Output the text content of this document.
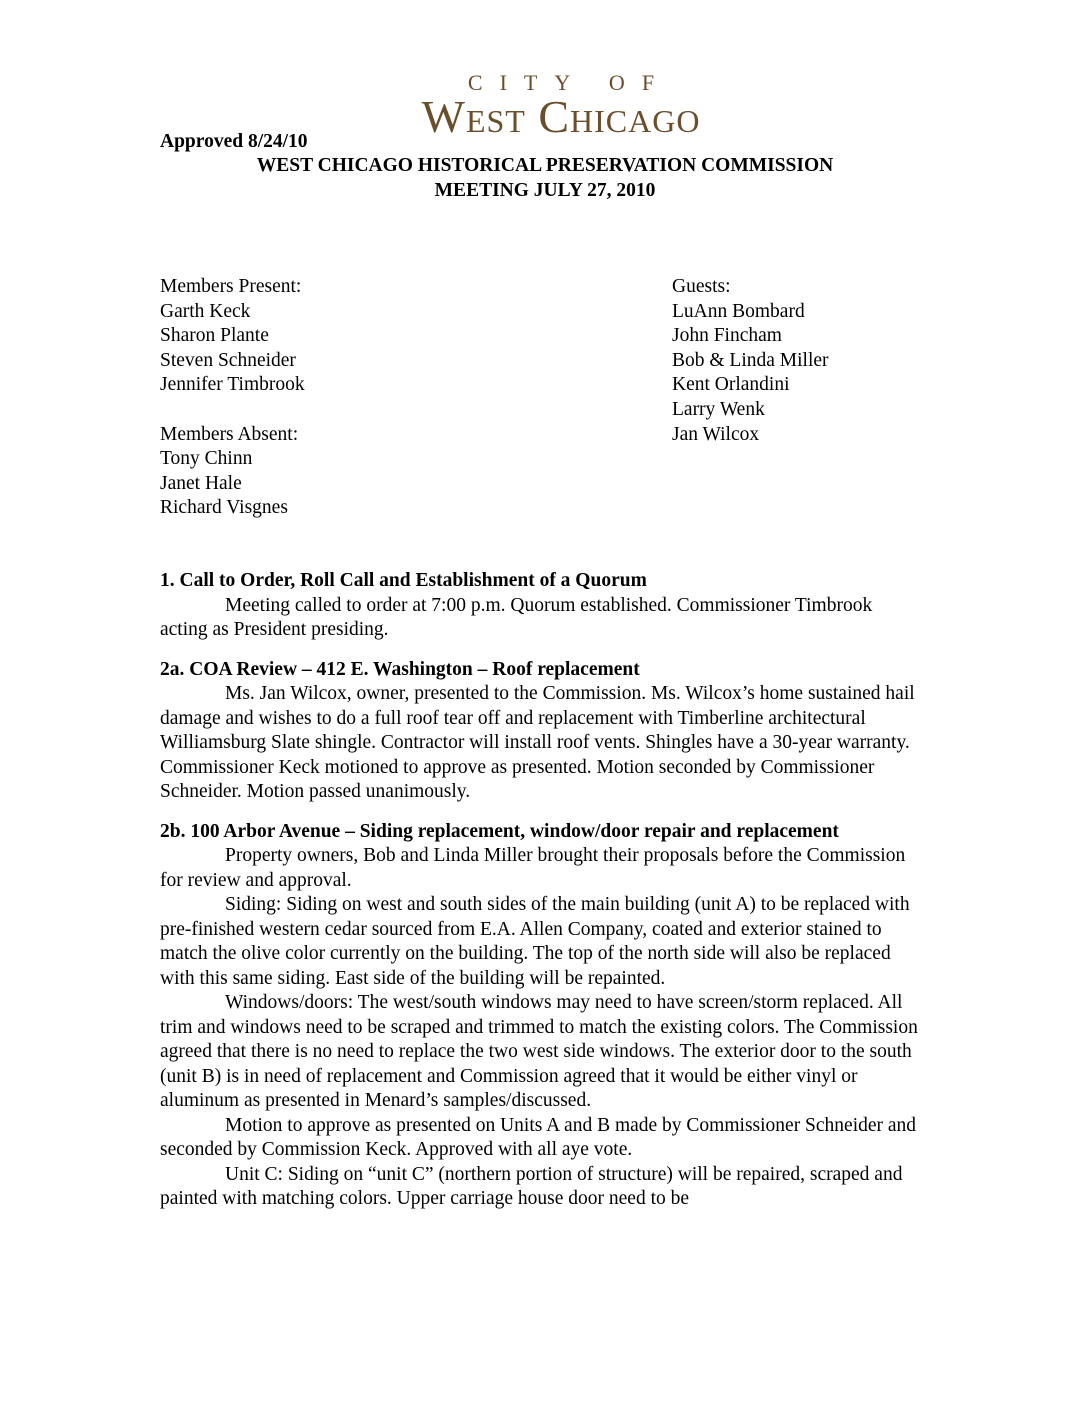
CITY OF
West Chicago
Approved 8/24/10
WEST CHICAGO HISTORICAL PRESERVATION COMMISSION
MEETING JULY 27, 2010
Members Present:
Garth Keck
Sharon Plante
Steven Schneider
Jennifer Timbrook
Members Absent:
Tony Chinn
Janet Hale
Richard Visgnes
Guests:
LuAnn Bombard
John Fincham
Bob & Linda Miller
Kent Orlandini
Larry Wenk
Jan Wilcox
1. Call to Order, Roll Call and Establishment of a Quorum

Meeting called to order at 7:00 p.m. Quorum established. Commissioner Timbrook acting as President presiding.

2a. COA Review – 412 E. Washington – Roof replacement

Ms. Jan Wilcox, owner, presented to the Commission. Ms. Wilcox’s home sustained hail damage and wishes to do a full roof tear off and replacement with Timberline architectural Williamsburg Slate shingle. Contractor will install roof vents. Shingles have a 30-year warranty. Commissioner Keck motioned to approve as presented. Motion seconded by Commissioner Schneider. Motion passed unanimously.

2b. 100 Arbor Avenue – Siding replacement, window/door repair and replacement

Property owners, Bob and Linda Miller brought their proposals before the Commission for review and approval.

Siding: Siding on west and south sides of the main building (unit A) to be replaced with pre-finished western cedar sourced from E.A. Allen Company, coated and exterior stained to match the olive color currently on the building. The top of the north side will also be replaced with this same siding. East side of the building will be repainted.

Windows/doors: The west/south windows may need to have screen/storm replaced. All trim and windows need to be scraped and trimmed to match the existing colors. The Commission agreed that there is no need to replace the two west side windows. The exterior door to the south (unit B) is in need of replacement and Commission agreed that it would be either vinyl or aluminum as presented in Menard’s samples/discussed.

Motion to approve as presented on Units A and B made by Commissioner Schneider and seconded by Commission Keck. Approved with all aye vote.

Unit C: Siding on “unit C” (northern portion of structure) will be repaired, scraped and painted with matching colors. Upper carriage house door need to be
